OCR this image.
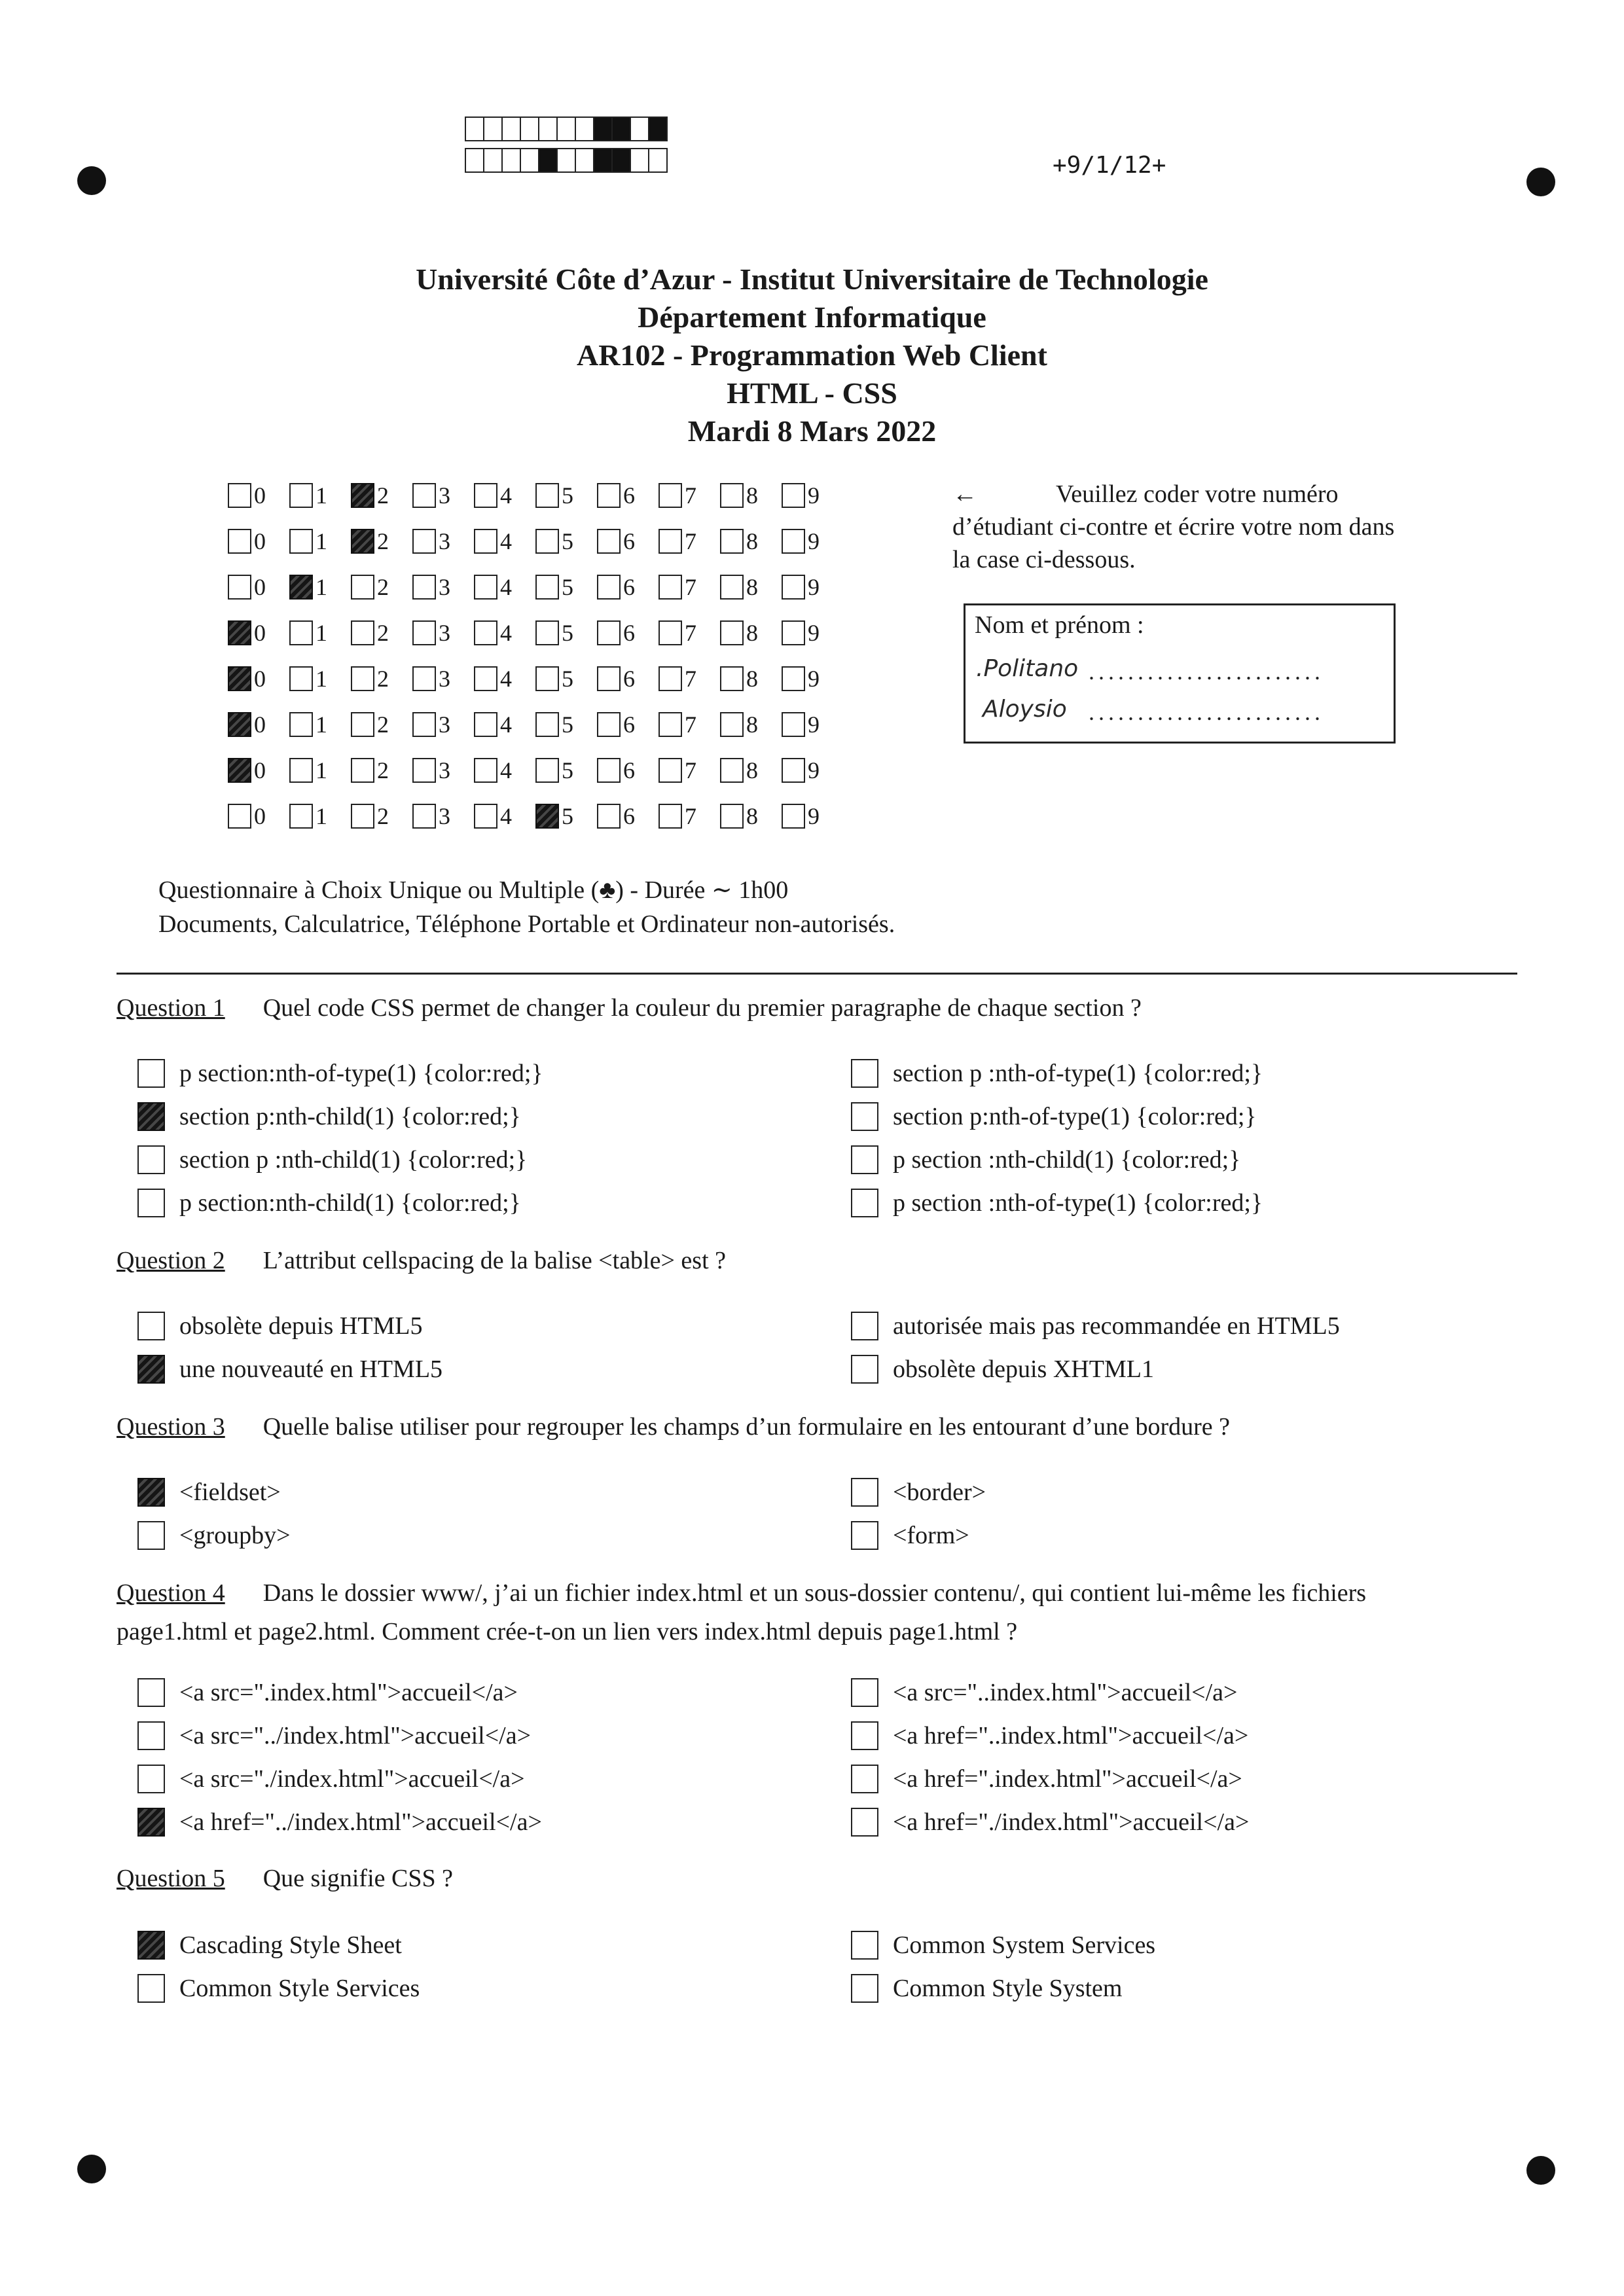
+9/1/12+
Université Côte d’Azur - Institut Universitaire de Technologie
Département Informatique
AR102 - Programmation Web Client
HTML - CSS
Mardi 8 Mars 2022
0 1 2 3 4 5 6 7 8 9
0 1 2 3 4 5 6 7 8 9
0 1 2 3 4 5 6 7 8 9
0 1 2 3 4 5 6 7 8 9
0 1 2 3 4 5 6 7 8 9
0 1 2 3 4 5 6 7 8 9
0 1 2 3 4 5 6 7 8 9
0 1 2 3 4 5 6 7 8 9
←	Veuillez coder votre numéro d’étudiant ci-contre et écrire votre nom dans la case ci-dessous.
Nom et prénom :
.Politano ........................
Aloysio ........................
Questionnaire à Choix Unique ou Multiple (♣) - Durée ∼ 1h00
Documents, Calculatrice, Téléphone Portable et Ordinateur non-autorisés.
Question 1 Quel code CSS permet de changer la couleur du premier paragraphe de chaque section ?
p section:nth-of-type(1) {color:red;}	section p :nth-of-type(1) {color:red;}
section p:nth-child(1) {color:red;}	section p:nth-of-type(1) {color:red;}
section p :nth-child(1) {color:red;}	p section :nth-child(1) {color:red;}
p section:nth-child(1) {color:red;}	p section :nth-of-type(1) {color:red;}
Question 2 L’attribut cellspacing de la balise <table> est ?
obsolète depuis HTML5	autorisée mais pas recommandée en HTML5
une nouveauté en HTML5	obsolète depuis XHTML1
Question 3 Quelle balise utiliser pour regrouper les champs d’un formulaire en les entourant d’une bordure ?
<fieldset>	<border>
<groupby>	<form>
Question 4 Dans le dossier www/, j’ai un fichier index.html et un sous-dossier contenu/, qui contient lui-même les fichiers
page1.html et page2.html. Comment crée-t-on un lien vers index.html depuis page1.html ?
<a src=".index.html">accueil</a>	<a src="..index.html">accueil</a>
<a src="../index.html">accueil</a>	<a href="..index.html">accueil</a>
<a src="./index.html">accueil</a>	<a href=".index.html">accueil</a>
<a href="../index.html">accueil</a>	<a href="./index.html">accueil</a>
Question 5 Que signifie CSS ?
Cascading Style Sheet	Common System Services
Common Style Services	Common Style System
